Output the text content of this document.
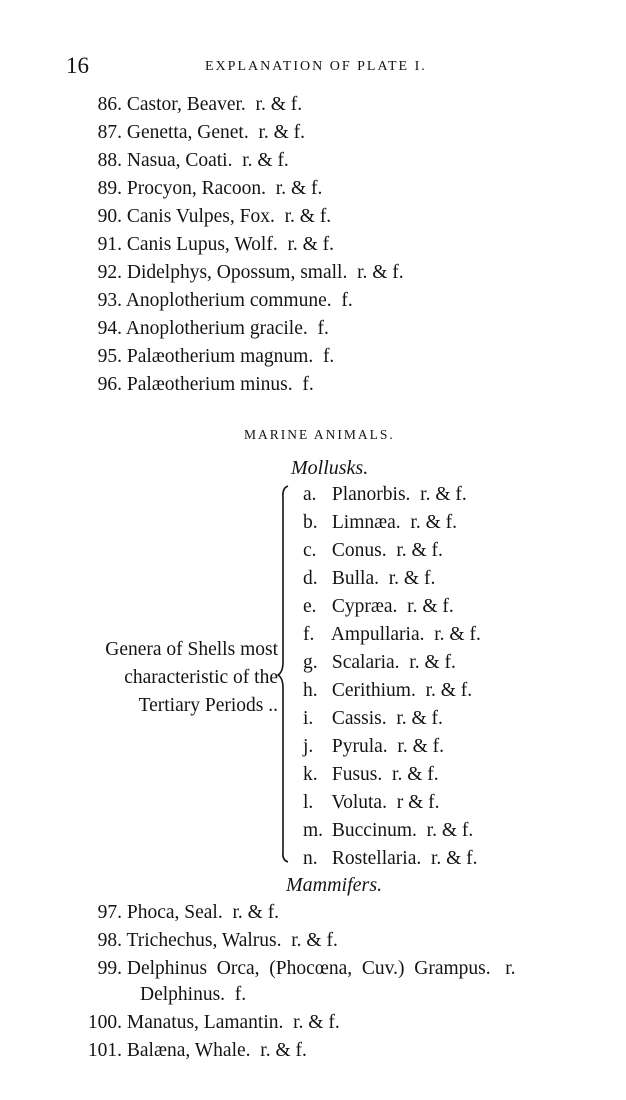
16	EXPLANATION OF PLATE I.
86. Castor, Beaver.  r. & f.
87. Genetta, Genet.  r. & f.
88. Nasua, Coati.  r. & f.
89. Procyon, Racoon.  r. & f.
90. Canis Vulpes, Fox.  r. & f.
91. Canis Lupus, Wolf.  r. & f.
92. Didelphys, Opossum, small.  r. & f.
93. Anoplotherium commune.  f.
94. Anoplotherium gracile.  f.
95. Palæotherium magnum.  f.
96. Palæotherium minus.  f.
MARINE ANIMALS.
Mollusks.
Genera of Shells most
characteristic of the
Tertiary Periods ..
a. Planorbis.  r. & f.
b. Limnæa.  r. & f.
c. Conus.  r. & f.
d. Bulla.  r. & f.
e. Cypræa.  r. & f.
f. Ampullaria.  r. & f.
g. Scalaria.  r. & f.
h. Cerithium.  r. & f.
i. Cassis.  r. & f.
j. Pyrula.  r. & f.
k. Fusus.  r. & f.
l. Voluta.  r & f.
m. Buccinum.  r. & f.
n. Rostellaria.  r. & f.
Mammifers.
97. Phoca, Seal.  r. & f.
98. Trichechus, Walrus.  r. & f.
99. Delphinus  Orca,  (Phocœna,  Cuv.)  Grampus.   r.
Delphinus.  f.
100. Manatus, Lamantin.  r. & f.
101. Balæna, Whale.  r. & f.
